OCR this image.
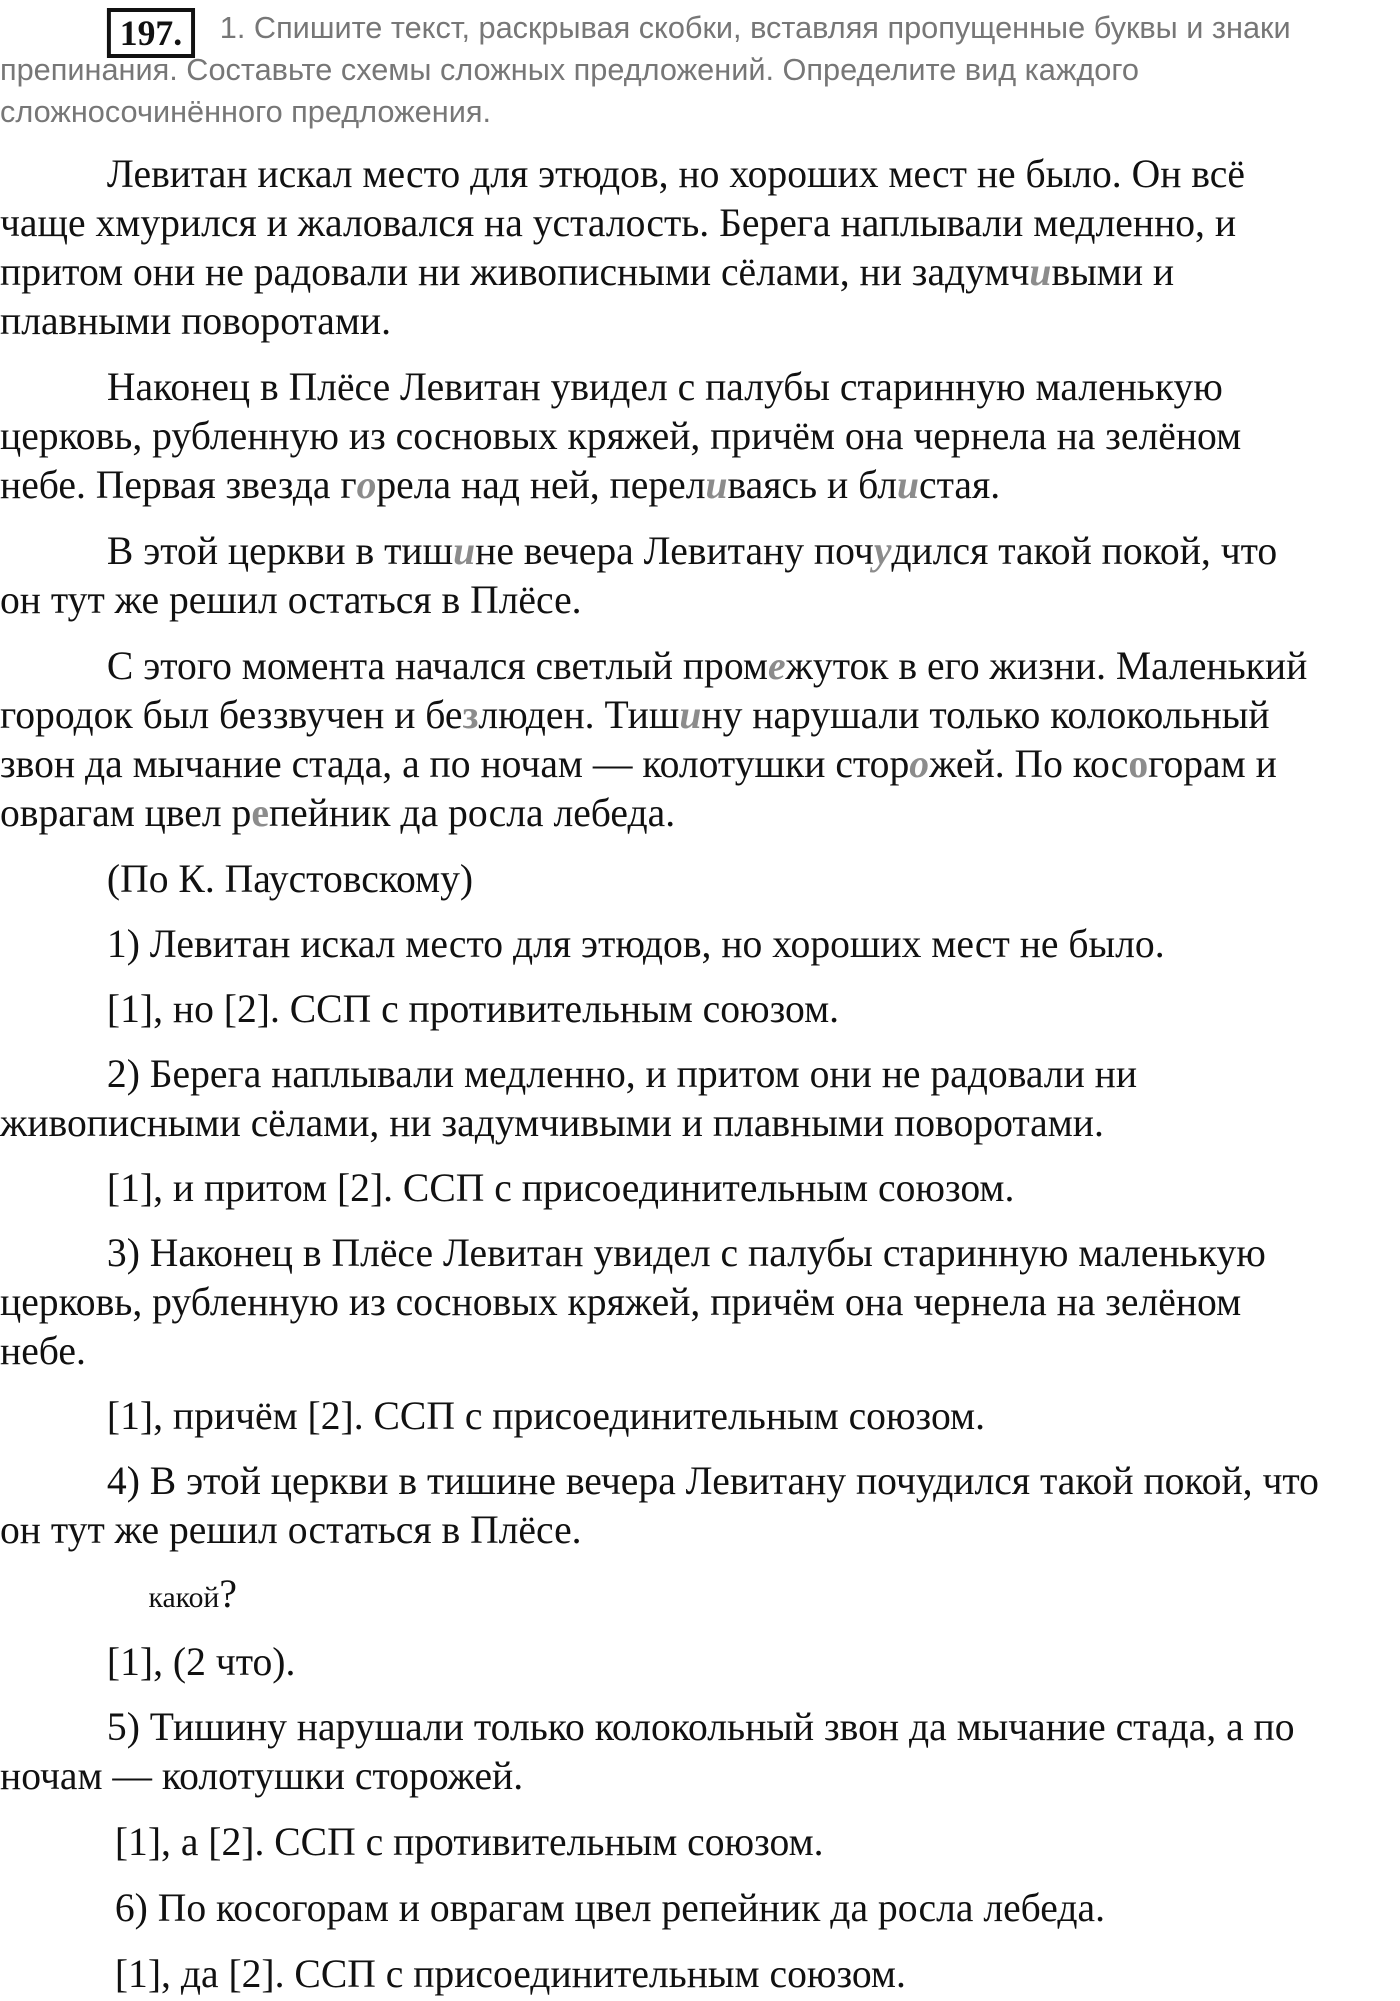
197.	1. Спишите текст, раскрывая скобки, вставляя пропущенные буквы и знаки
препинания. Составьте схемы сложных предложений. Определите вид каждого
сложносочинённого предложения.
Левитан искал место для этюдов, но хороших мест не было. Он всё
чаще хмурился и жаловался на усталость. Берега наплывали медленно, и
притом они не радовали ни живописными сёлами, ни задумчивыми и
плавными поворотами.
Наконец в Плёсе Левитан увидел с палубы старинную маленькую
церковь, рубленную из сосновых кряжей, причём она чернела на зелёном
небе. Первая звезда горела над ней, переливаясь и блистая.
В этой церкви в тишине вечера Левитану почудился такой покой, что
он тут же решил остаться в Плёсе.
С этого момента начался светлый промежуток в его жизни. Маленький
городок был беззвучен и безлюден. Тишину нарушали только колокольный
звон да мычание стада, а по ночам — колотушки сторожей. По косогорам и
оврагам цвел репейник да росла лебеда.
(По К. Паустовскому)
1) Левитан искал место для этюдов, но хороших мест не было.
[1], но [2]. ССП с противительным союзом.
2) Берега наплывали медленно, и притом они не радовали ни
живописными сёлами, ни задумчивыми и плавными поворотами.
[1], и притом [2]. ССП с присоединительным союзом.
3) Наконец в Плёсе Левитан увидел с палубы старинную маленькую
церковь, рубленную из сосновых кряжей, причём она чернела на зелёном
небе.
[1], причём [2]. ССП с присоединительным союзом.
4) В этой церкви в тишине вечера Левитану почудился такой покой, что
он тут же решил остаться в Плёсе.
какой?
[1], (2 что).
5) Тишину нарушали только колокольный звон да мычание стада, а по
ночам — колотушки сторожей.
[1], а [2]. ССП с противительным союзом.
6) По косогорам и оврагам цвел репейник да росла лебеда.
[1], да [2]. ССП с присоединительным союзом.
